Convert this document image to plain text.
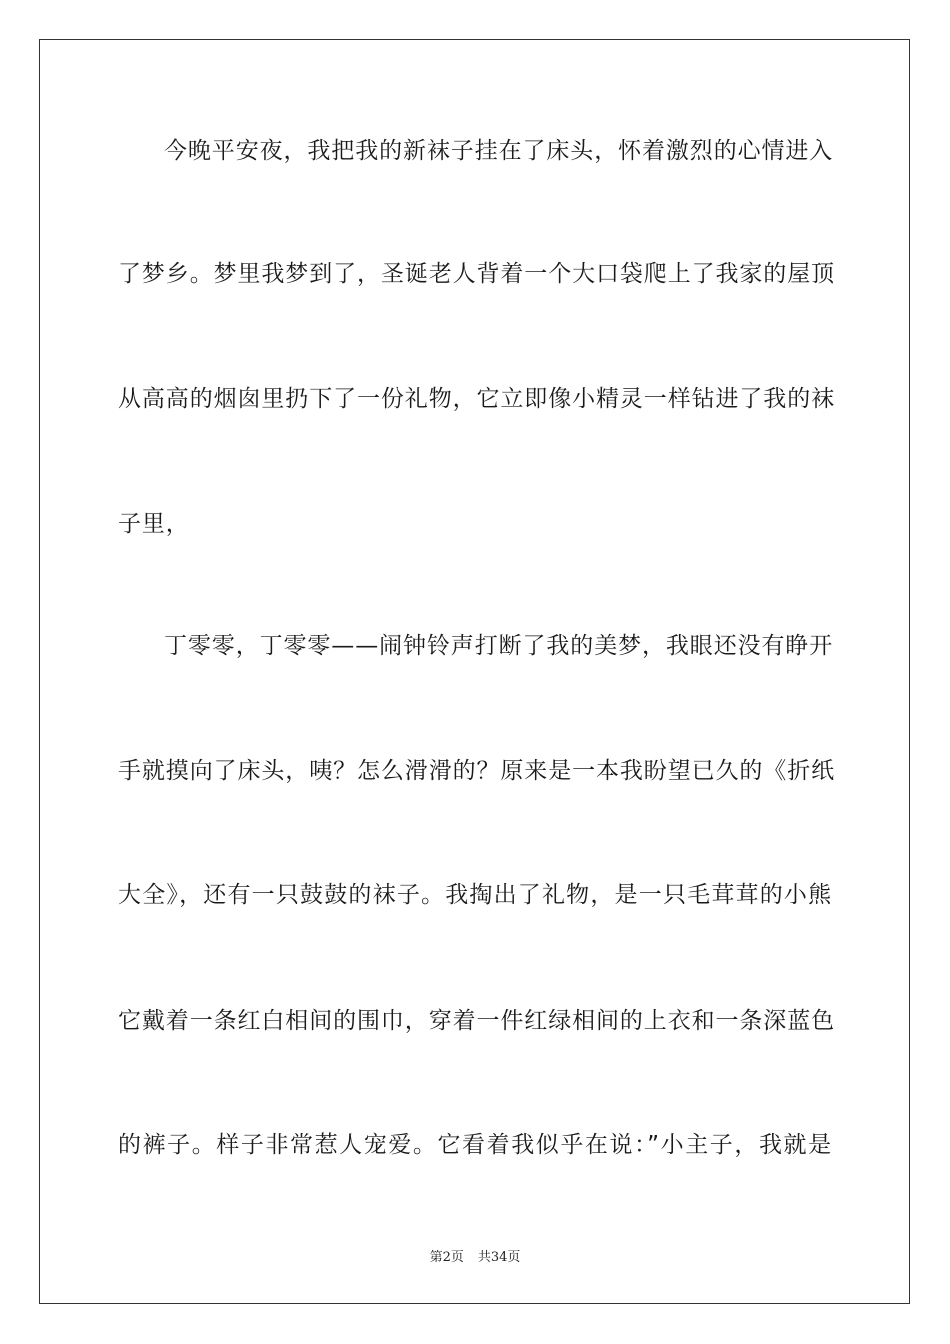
今晚平安夜，我把我的新袜子挂在了床头，怀着激烈的心情进入
了梦乡。梦里我梦到了，圣诞老人背着一个大口袋爬上了我家的屋顶
从高高的烟囱里扔下了一份礼物，它立即像小精灵一样钻进了我的袜
子里，
丁零零，丁零零——闹钟铃声打断了我的美梦，我眼还没有睁开
手就摸向了床头，咦？怎么滑滑的？原来是一本我盼望已久的《折纸
大全》，还有一只鼓鼓的袜子。我掏出了礼物，是一只毛茸茸的小熊
它戴着一条红白相间的围巾，穿着一件红绿相间的上衣和一条深蓝色
的裤子。样子非常惹人宠爱。它看着我似乎在说：”小主子，我就是
第2页 共34页
